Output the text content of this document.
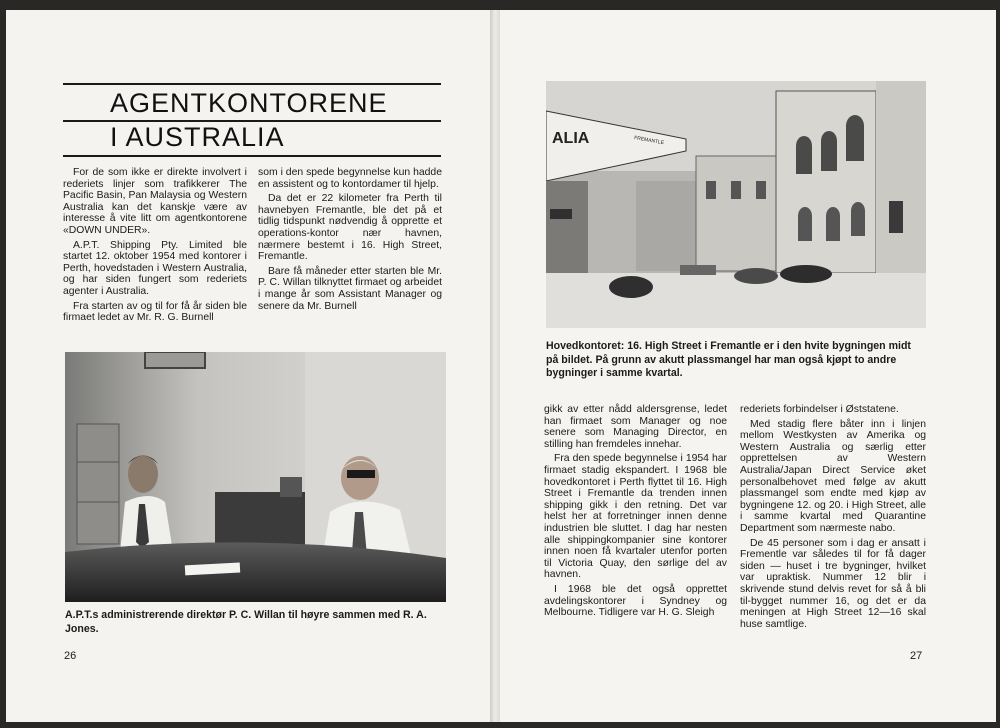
AGENTKONTORENE
I AUSTRALIA

For de som ikke er direkte involvert i rederiets linjer som trafikkerer The Pacific Basin, Pan Malaysia og Western Australia kan det kanskje være av interesse å vite litt om agentkontorene «DOWN UNDER».

A.P.T. Shipping Pty. Limited ble startet 12. oktober 1954 med kontorer i Perth, hovedstaden i Western Australia, og har siden fungert som rederiets agenter i Australia.

Fra starten av og til for få år siden ble firmaet ledet av Mr. R. G. Burnell

som i den spede begynnelse kun hadde en assistent og to kontordamer til hjelp.

Da det er 22 kilometer fra Perth til havnebyen Fremantle, ble det på et tidlig tidspunkt nødvendig å opprette et operations-kontor nær havnen, nærmere bestemt i 16. High Street, Fremantle.

Bare få måneder etter starten ble Mr. P. C. Willan tilknyttet firmaet og arbeidet i mange år som Assistant Manager og senere da Mr. Burnell

A.P.T.s administrerende direktør P. C. Willan til høyre sammen med R. A. Jones.
26
ALIA	FREMANTLE
Hovedkontoret: 16. High Street i Fremantle er i den hvite bygningen midt på bildet. På grunn av akutt plassmangel har man også kjøpt to andre bygninger i samme kvartal.

gikk av etter nådd aldersgrense, ledet han firmaet som Manager og noe senere som Managing Director, en stilling han fremdeles innehar.

Fra den spede begynnelse i 1954 har firmaet stadig ekspandert. I 1968 ble hovedkontoret i Perth flyttet til 16. High Street i Fremantle da trenden innen shipping gikk i den retning. Det var helst her at forretninger innen denne industrien ble sluttet. I dag har nesten alle shippingkompanier sine kontorer innen noen få kvartaler utenfor porten til Victoria Quay, den sørlige del av havnen.

I 1968 ble det også opprettet avdelingskontorer i Syndney og Melbourne. Tidligere var H. G. Sleigh

rederiets forbindelser i Øststatene.

Med stadig flere båter inn i linjen mellom Westkysten av Amerika og Western Australia og særlig etter opprettelsen av Western Australia/Japan Direct Service øket personalbehovet med følge av akutt plassmangel som endte med kjøp av bygningene 12. og 20. i High Street, alle i samme kvartal med Quarantine Department som nærmeste nabo.

De 45 personer som i dag er ansatt i Frementle var således til for få dager siden — huset i tre bygninger, hvilket var upraktisk. Nummer 12 blir i skrivende stund delvis revet for så å bli til-bygget nummer 16, og det er da meningen at High Street 12—16 skal huse samtlige.

27
